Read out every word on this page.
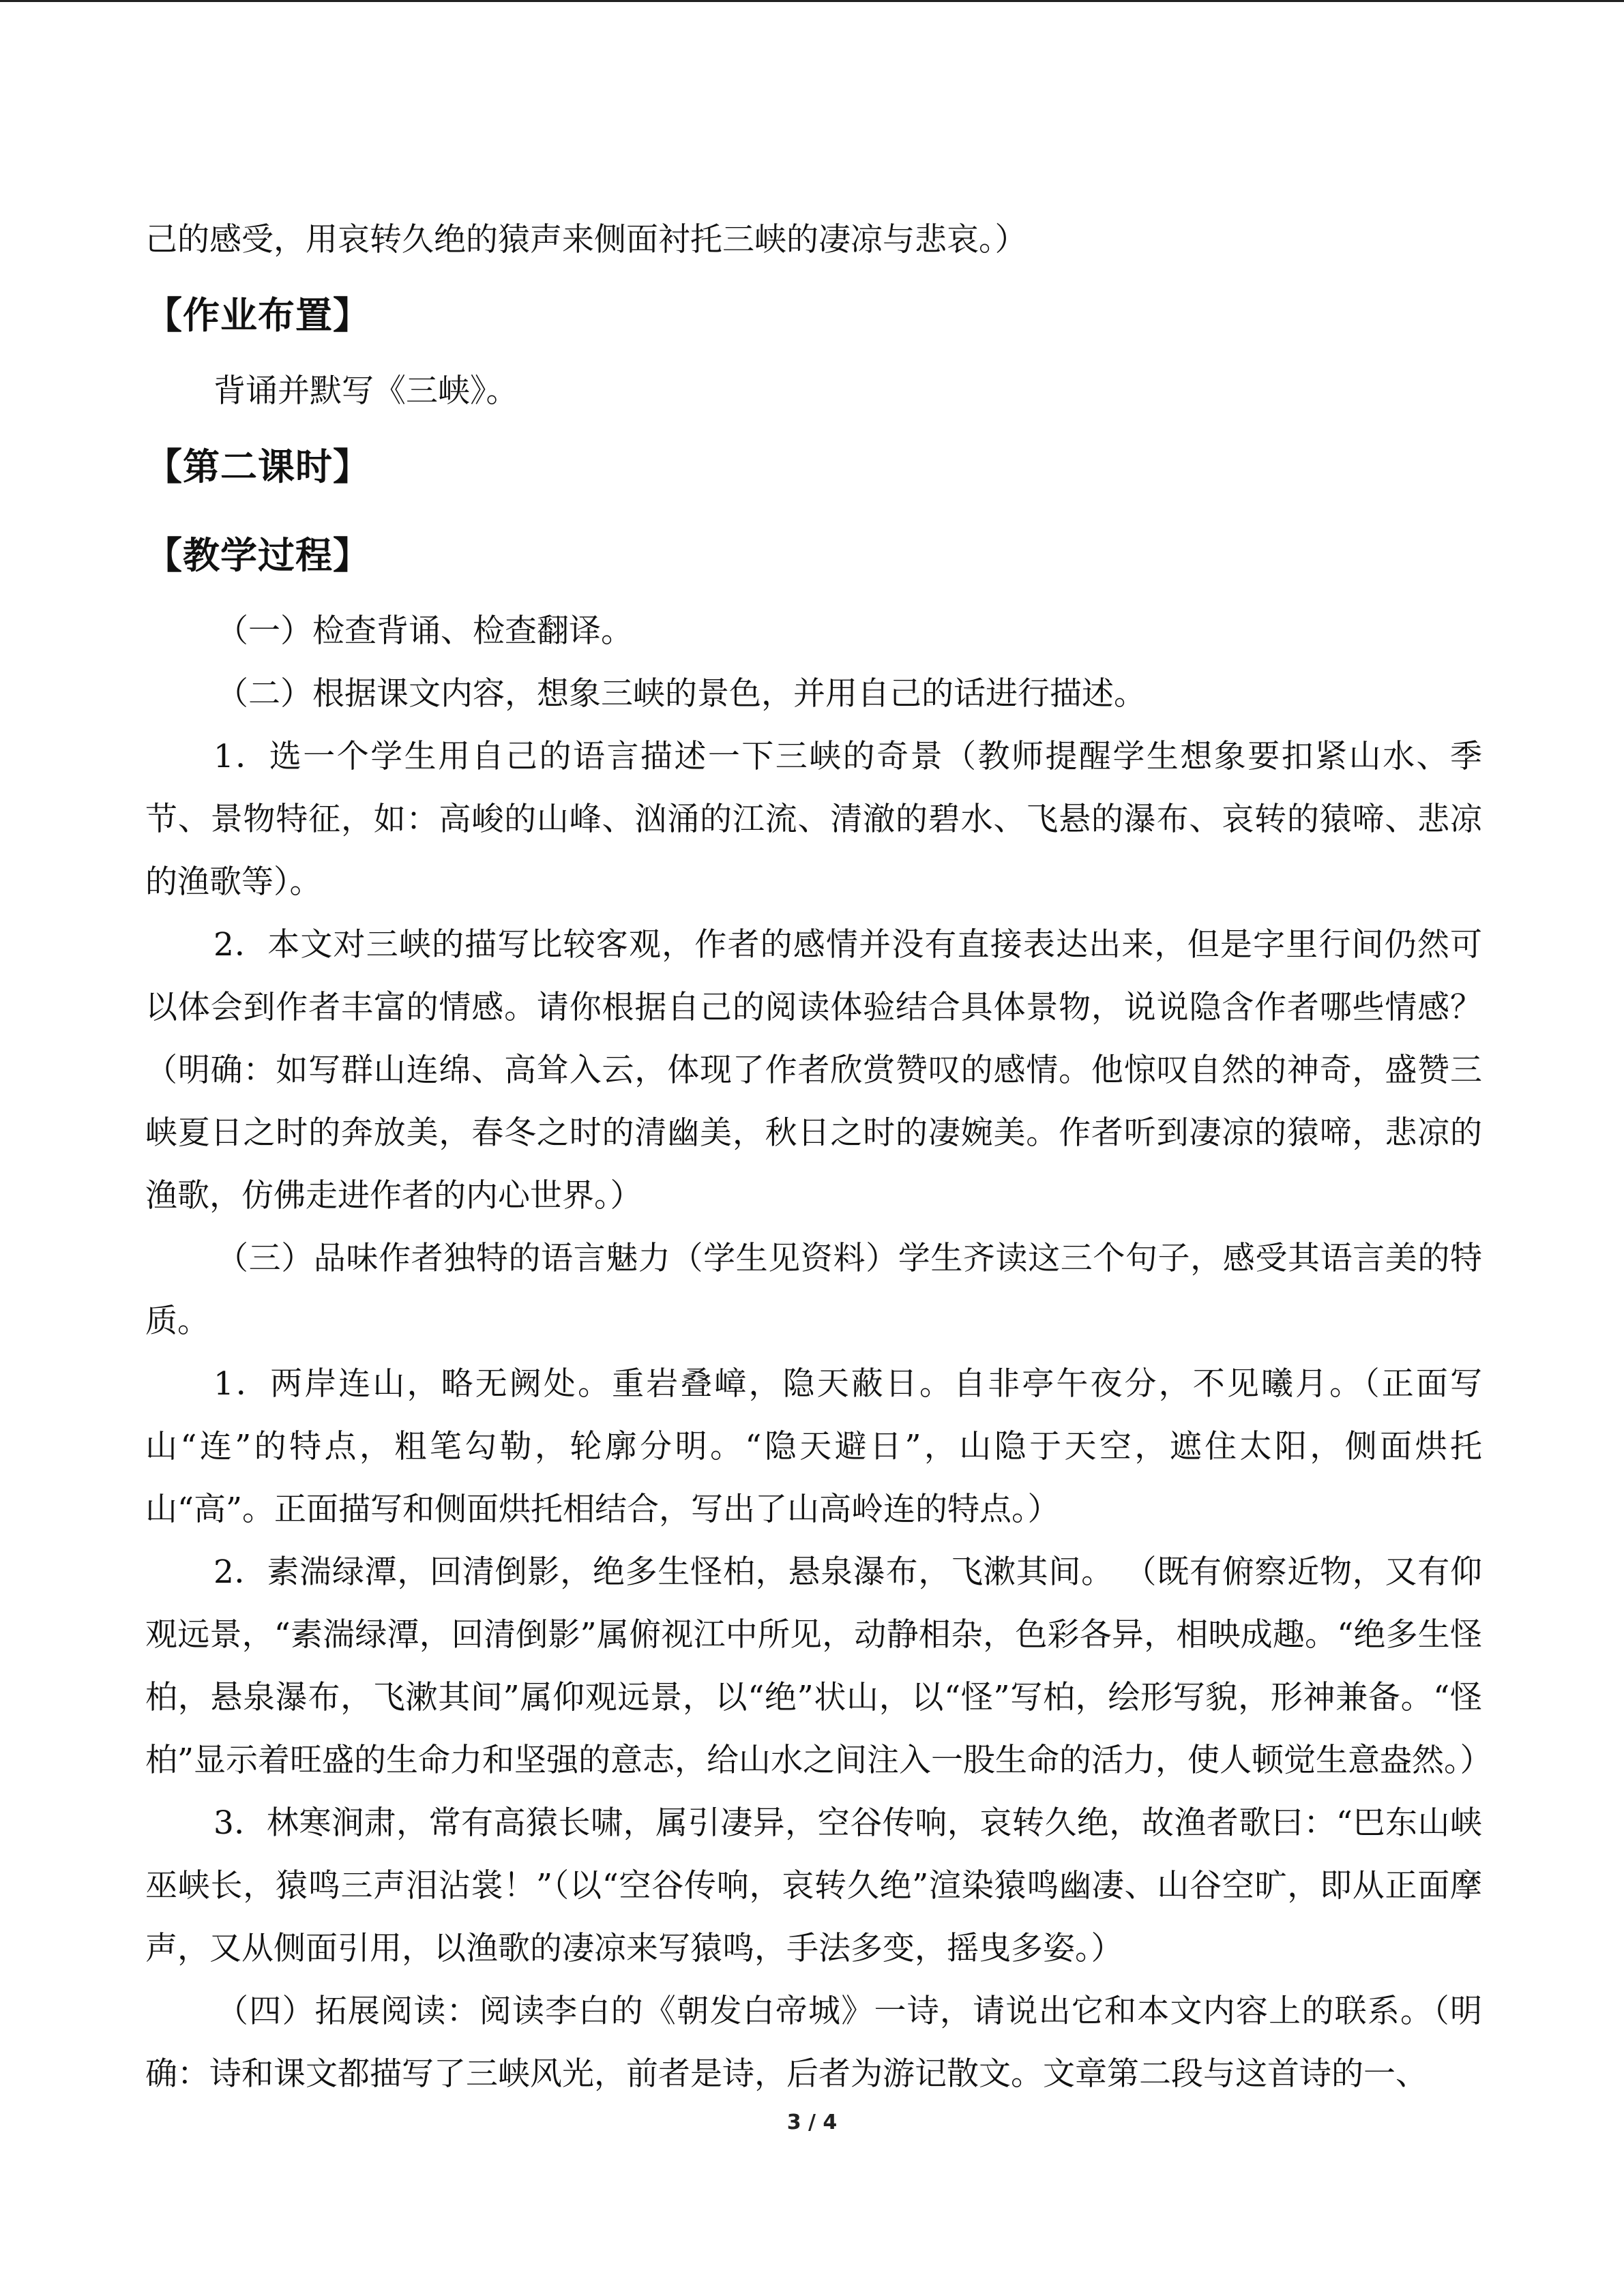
己的感受，用哀转久绝的猿声来侧面衬托三峡的凄凉与悲哀。）

【作业布置】

背诵并默写《三峡》。

【第二课时】

【教学过程】

（一）检查背诵、检查翻译。

（二）根据课文内容，想象三峡的景色，并用自己的话进行描述。

1．选一个学生用自己的语言描述一下三峡的奇景（教师提醒学生想象要扣紧山水、季节、景物特征，如：高峻的山峰、汹涌的江流、清澈的碧水、飞悬的瀑布、哀转的猿啼、悲凉的渔歌等）。

2．本文对三峡的描写比较客观，作者的感情并没有直接表达出来，但是字里行间仍然可以体会到作者丰富的情感。请你根据自己的阅读体验结合具体景物，说说隐含作者哪些情感？（明确：如写群山连绵、高耸入云，体现了作者欣赏赞叹的感情。他惊叹自然的神奇，盛赞三峡夏日之时的奔放美，春冬之时的清幽美，秋日之时的凄婉美。作者听到凄凉的猿啼，悲凉的渔歌，仿佛走进作者的内心世界。）

（三）品味作者独特的语言魅力（学生见资料）学生齐读这三个句子，感受其语言美的特质。

1．两岸连山，略无阙处。重岩叠嶂，隐天蔽日。自非亭午夜分，不见曦月。（正面写山“连”的特点，粗笔勾勒，轮廓分明。“隐天避日”，山隐于天空，遮住太阳，侧面烘托山“高”。正面描写和侧面烘托相结合，写出了山高岭连的特点。）

2．素湍绿潭，回清倒影，绝多生怪柏，悬泉瀑布，飞漱其间。 （既有俯察近物，又有仰观远景，“素湍绿潭，回清倒影”属俯视江中所见，动静相杂，色彩各异，相映成趣。“绝多生怪柏，悬泉瀑布，飞漱其间”属仰观远景，以“绝”状山，以“怪”写柏，绘形写貌，形神兼备。“怪柏”显示着旺盛的生命力和坚强的意志，给山水之间注入一股生命的活力，使人顿觉生意盎然。）

3．林寒涧肃，常有高猿长啸，属引凄异，空谷传响，哀转久绝，故渔者歌曰：“巴东山峡巫峡长，猿鸣三声泪沾裳！”（以“空谷传响，哀转久绝”渲染猿鸣幽凄、山谷空旷，即从正面摩声，又从侧面引用，以渔歌的凄凉来写猿鸣，手法多变，摇曳多姿。）

（四）拓展阅读：阅读李白的《朝发白帝城》一诗，请说出它和本文内容上的联系。（明确：诗和课文都描写了三峡风光，前者是诗，后者为游记散文。文章第二段与这首诗的一、

3 / 4
